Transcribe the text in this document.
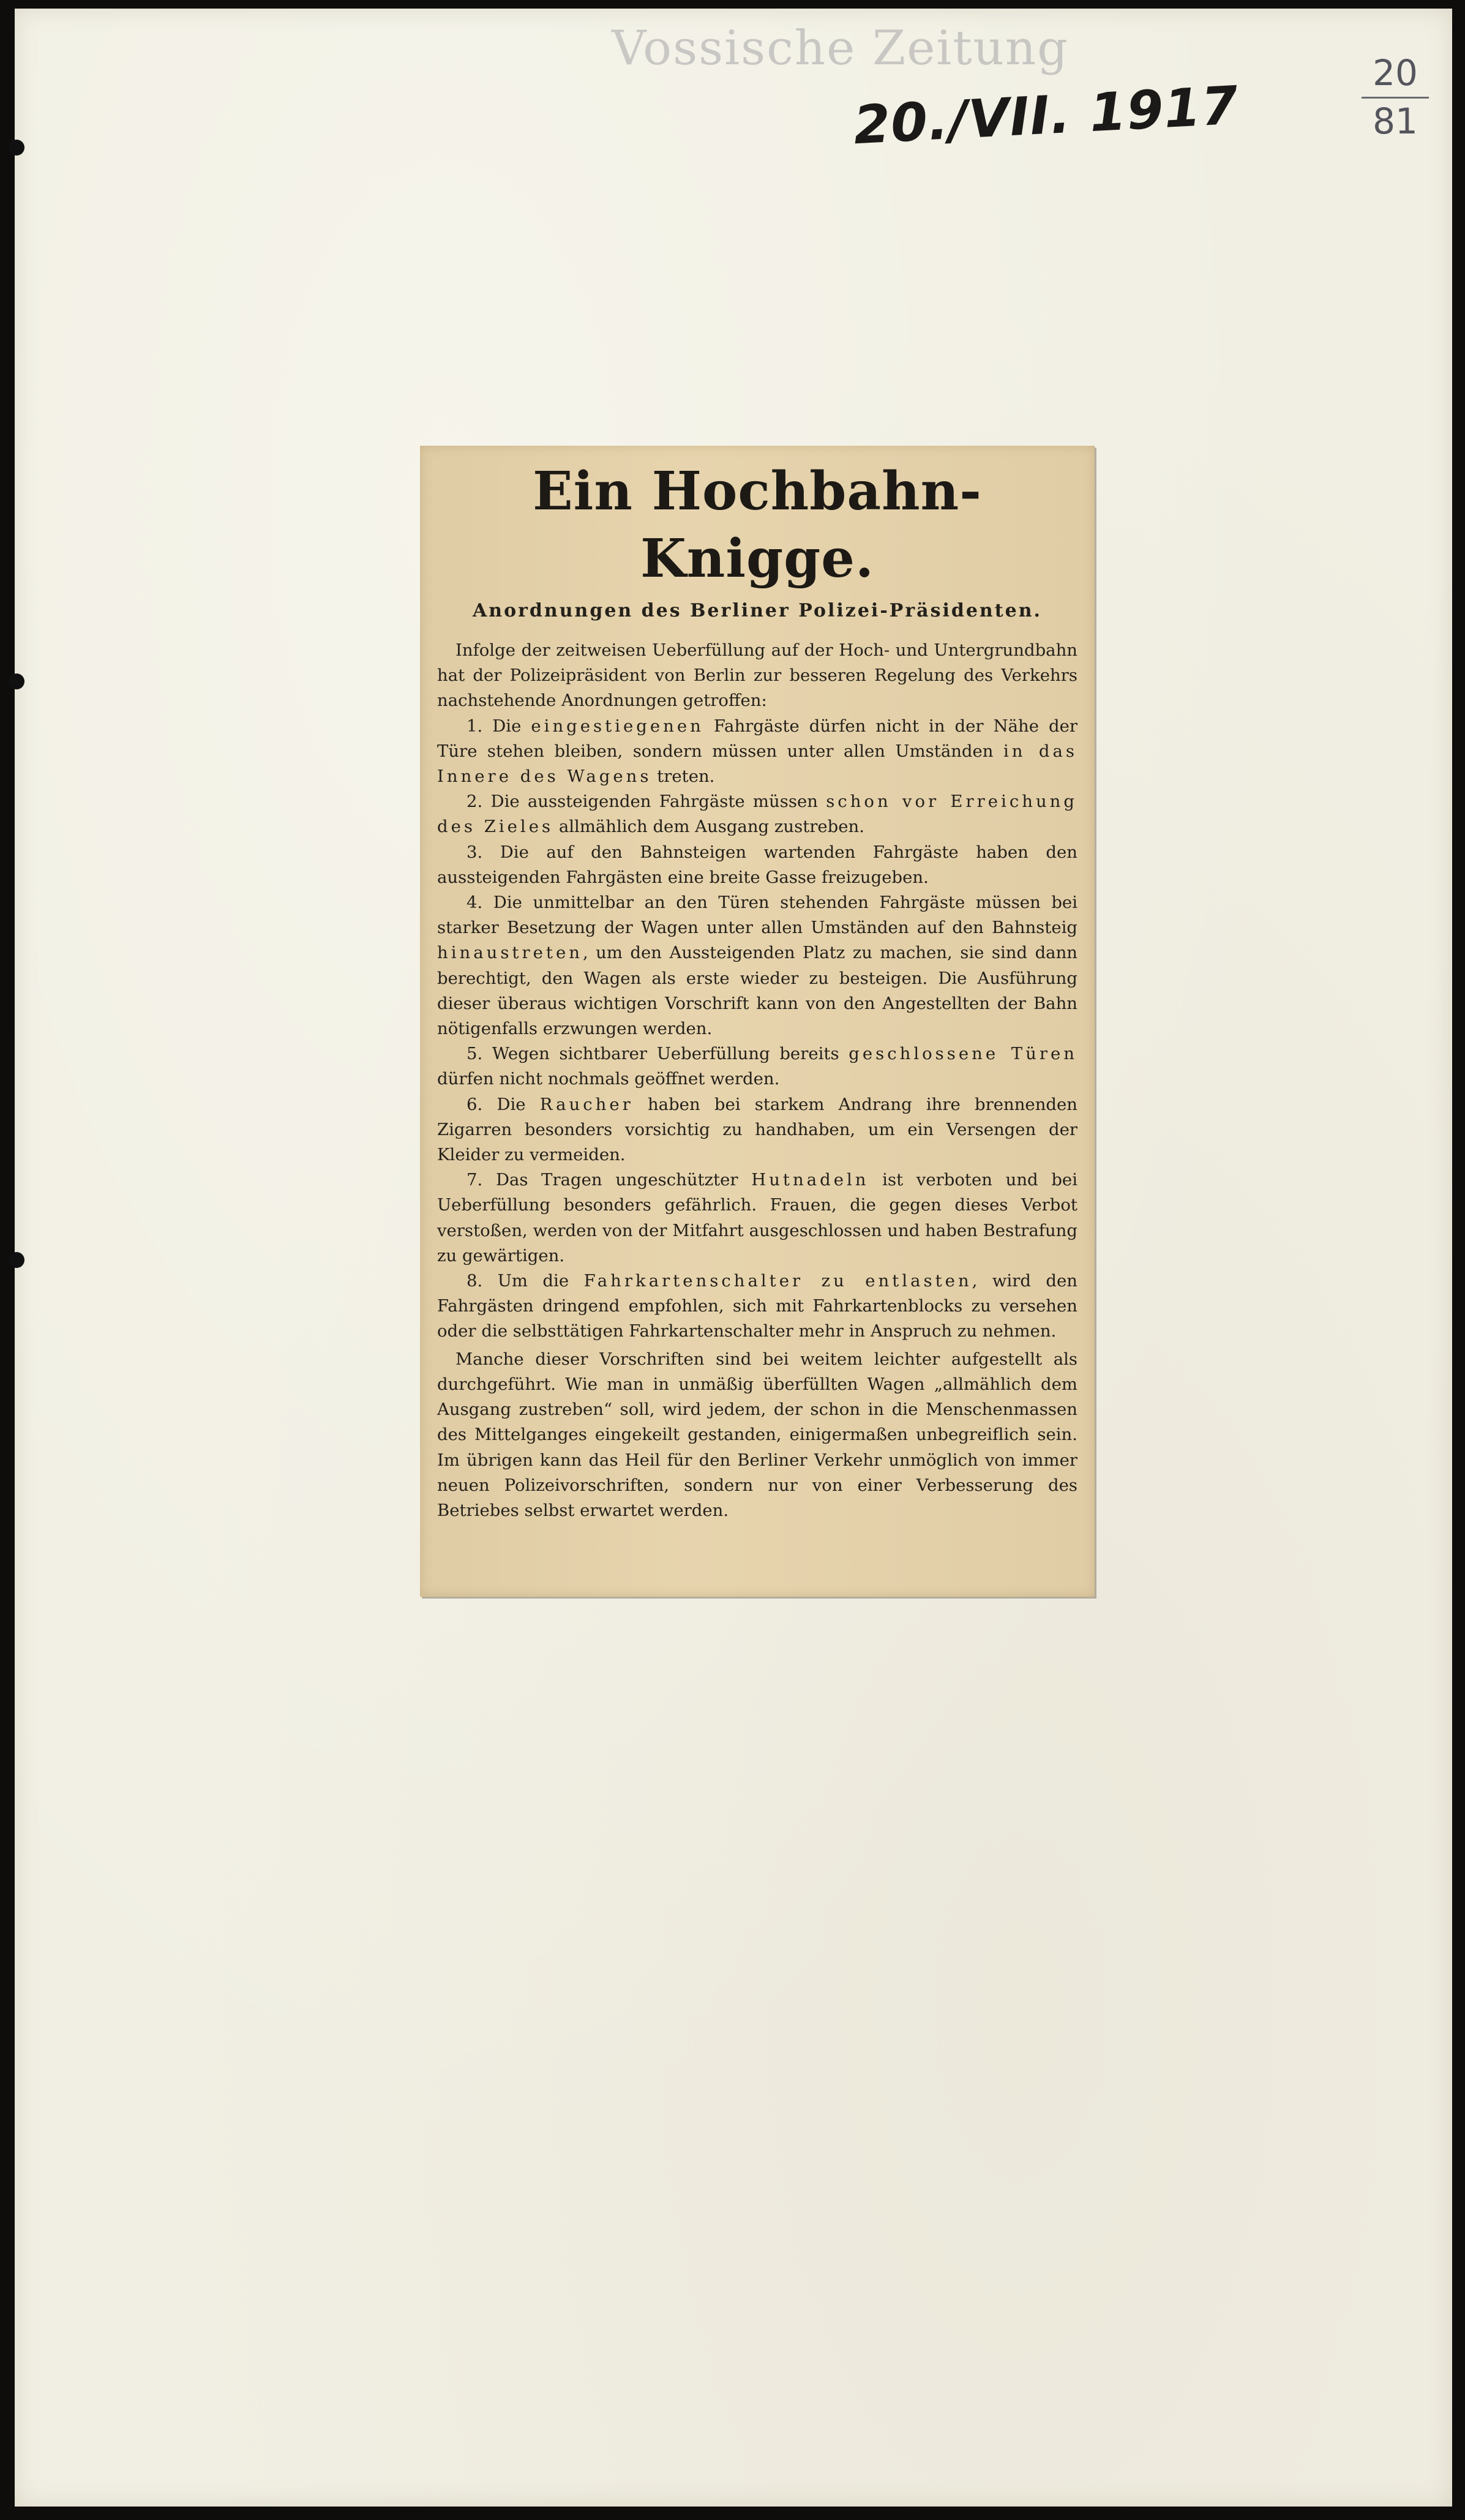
Vossische Zeitung
20./VII. 1917
20
81
Ein Hochbahn-Knigge.
Anordnungen des Berliner Polizei-Präsidenten.

Infolge der zeitweisen Ueberfüllung auf der Hoch- und Untergrundbahn hat der Polizeipräsident von Berlin zur besseren Regelung des Verkehrs nachstehende Anordnungen getroffen:

1. Die eingestiegenen Fahrgäste dürfen nicht in der Nähe der Türe stehen bleiben, sondern müssen unter allen Umständen in das Innere des Wagens treten.

2. Die aussteigenden Fahrgäste müssen schon vor Erreichung des Zieles allmählich dem Ausgang zustreben.

3. Die auf den Bahnsteigen wartenden Fahrgäste haben den aussteigenden Fahrgästen eine breite Gasse freizugeben.

4. Die unmittelbar an den Türen stehenden Fahrgäste müssen bei starker Besetzung der Wagen unter allen Umständen auf den Bahnsteig hinaustreten, um den Aussteigenden Platz zu machen, sie sind dann berechtigt, den Wagen als erste wieder zu besteigen. Die Ausführung dieser überaus wichtigen Vorschrift kann von den Angestellten der Bahn nötigenfalls erzwungen werden.

5. Wegen sichtbarer Ueberfüllung bereits geschlossene Türen dürfen nicht nochmals geöffnet werden.

6. Die Raucher haben bei starkem Andrang ihre brennenden Zigarren besonders vorsichtig zu handhaben, um ein Versengen der Kleider zu vermeiden.

7. Das Tragen ungeschützter Hutnadeln ist verboten und bei Ueberfüllung besonders gefährlich. Frauen, die gegen dieses Verbot verstoßen, werden von der Mitfahrt ausgeschlossen und haben Bestrafung zu gewärtigen.

8. Um die Fahrkartenschalter zu entlasten, wird den Fahrgästen dringend empfohlen, sich mit Fahrkartenblocks zu versehen oder die selbsttätigen Fahrkartenschalter mehr in Anspruch zu nehmen.

Manche dieser Vorschriften sind bei weitem leichter aufgestellt als durchgeführt. Wie man in unmäßig überfüllten Wagen „allmählich dem Ausgang zustreben“ soll, wird jedem, der schon in die Menschenmassen des Mittelganges eingekeilt gestanden, einigermaßen unbegreiflich sein. Im übrigen kann das Heil für den Berliner Verkehr unmöglich von immer neuen Polizeivorschriften, sondern nur von einer Verbesserung des Betriebes selbst erwartet werden.
